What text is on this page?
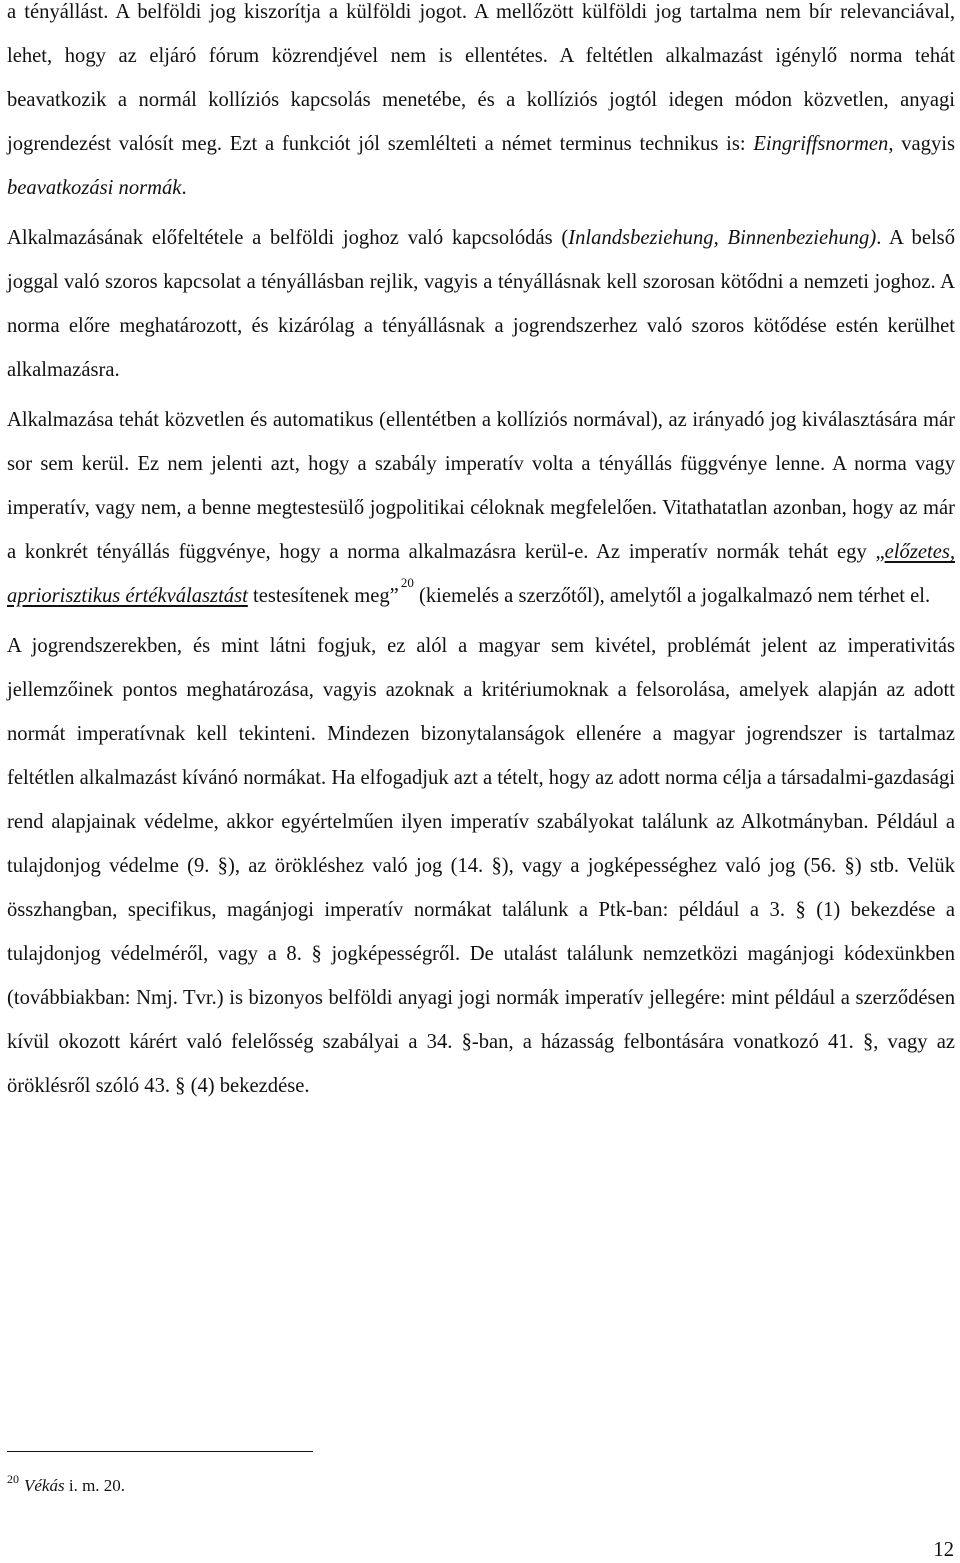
a tényállást. A belföldi jog kiszorítja a külföldi jogot. A mellőzött külföldi jog tartalma nem bír relevanciával, lehet, hogy az eljáró fórum közrendjével nem is ellentétes. A feltétlen alkalmazást igénylő norma tehát beavatkozik a normál kollíziós kapcsolás menetébe, és a kollíziós jogtól idegen módon közvetlen, anyagi jogrendezést valósít meg. Ezt a funkciót jól szemlélteti a német terminus technikus is: Eingriffsnormen, vagyis beavatkozási normák.

Alkalmazásának előfeltétele a belföldi joghoz való kapcsolódás (Inlandsbeziehung, Binnenbeziehung). A belső joggal való szoros kapcsolat a tényállásban rejlik, vagyis a tényállásnak kell szorosan kötődni a nemzeti joghoz. A norma előre meghatározott, és kizárólag a tényállásnak a jogrendszerhez való szoros kötődése estén kerülhet alkalmazásra.

Alkalmazása tehát közvetlen és automatikus (ellentétben a kollíziós normával), az irányadó jog kiválasztására már sor sem kerül. Ez nem jelenti azt, hogy a szabály imperatív volta a tényállás függvénye lenne. A norma vagy imperatív, vagy nem, a benne megtestesülő jogpolitikai céloknak megfelelően. Vitathatatlan azonban, hogy az már a konkrét tényállás függvénye, hogy a norma alkalmazásra kerül-e. Az imperatív normák tehát egy „előzetes, apriorisztikus értékválasztást testesítenek meg”$^{20}$ (kiemelés a szerzőtől), amelytől a jogalkalmazó nem térhet el.

A jogrendszerekben, és mint látni fogjuk, ez alól a magyar sem kivétel, problémát jelent az imperativitás jellemzőinek pontos meghatározása, vagyis azoknak a kritériumoknak a felsorolása, amelyek alapján az adott normát imperatívnak kell tekinteni. Mindezen bizonytalanságok ellenére a magyar jogrendszer is tartalmaz feltétlen alkalmazást kívánó normákat. Ha elfogadjuk azt a tételt, hogy az adott norma célja a társadalmi-gazdasági rend alapjainak védelme, akkor egyértelműen ilyen imperatív szabályokat találunk az Alkotmányban. Például a tulajdonjog védelme (9. §), az örökléshez való jog (14. §), vagy a jogképességhez való jog (56. §) stb. Velük összhangban, specifikus, magánjogi imperatív normákat találunk a Ptk-ban: például a 3. § (1) bekezdése a tulajdonjog védelméről, vagy a 8. § jogképességről. De utalást találunk nemzetközi magánjogi kódexünkben (továbbiakban: Nmj. Tvr.) is bizonyos belföldi anyagi jogi normák imperatív jellegére: mint például a szerződésen kívül okozott kárért való felelősség szabályai a 34. §-ban, a házasság felbontására vonatkozó 41. §, vagy az öröklésről szóló 43. § (4) bekezdése.

$^{20}$ Vékás i. m. 20.
12
